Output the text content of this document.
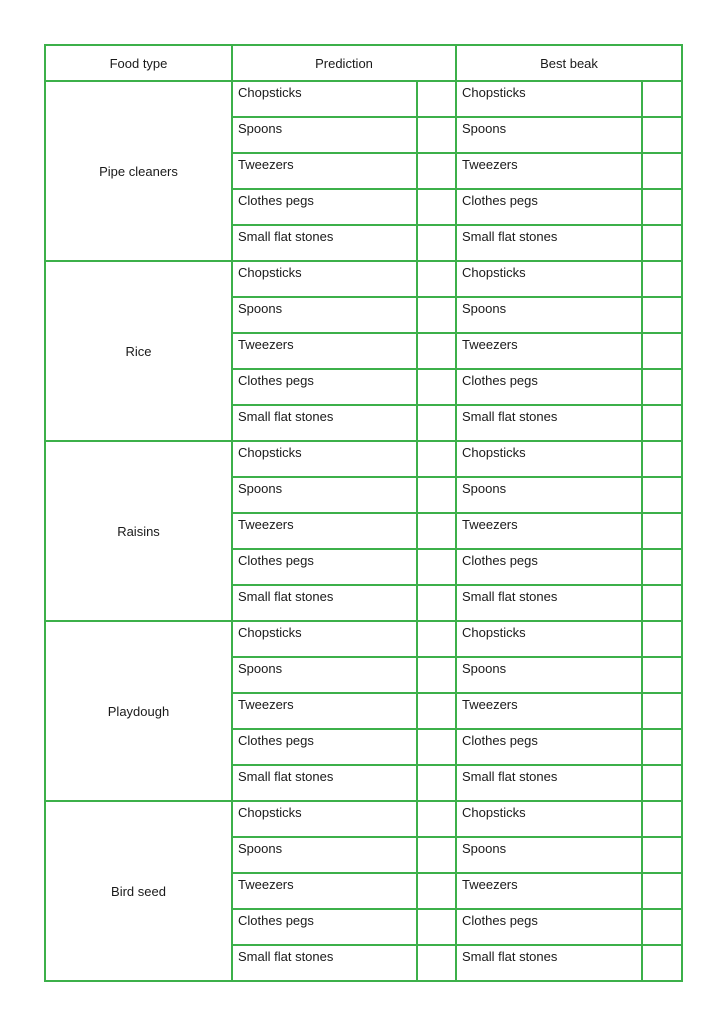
Food type	Prediction		Best beak	
Pipe cleaners	Chopsticks		Chopsticks	
	Spoons		Spoons	
	Tweezers		Tweezers	
	Clothes pegs		Clothes pegs	
	Small flat stones		Small flat stones	
Rice	Chopsticks		Chopsticks	
	Spoons		Spoons	
	Tweezers		Tweezers	
	Clothes pegs		Clothes pegs	
	Small flat stones		Small flat stones	
Raisins	Chopsticks		Chopsticks	
	Spoons		Spoons	
	Tweezers		Tweezers	
	Clothes pegs		Clothes pegs	
	Small flat stones		Small flat stones	
Playdough	Chopsticks		Chopsticks	
	Spoons		Spoons	
	Tweezers		Tweezers	
	Clothes pegs		Clothes pegs	
	Small flat stones		Small flat stones	
Bird seed	Chopsticks		Chopsticks	
	Spoons		Spoons	
	Tweezers		Tweezers	
	Clothes pegs		Clothes pegs	
	Small flat stones		Small flat stones	
